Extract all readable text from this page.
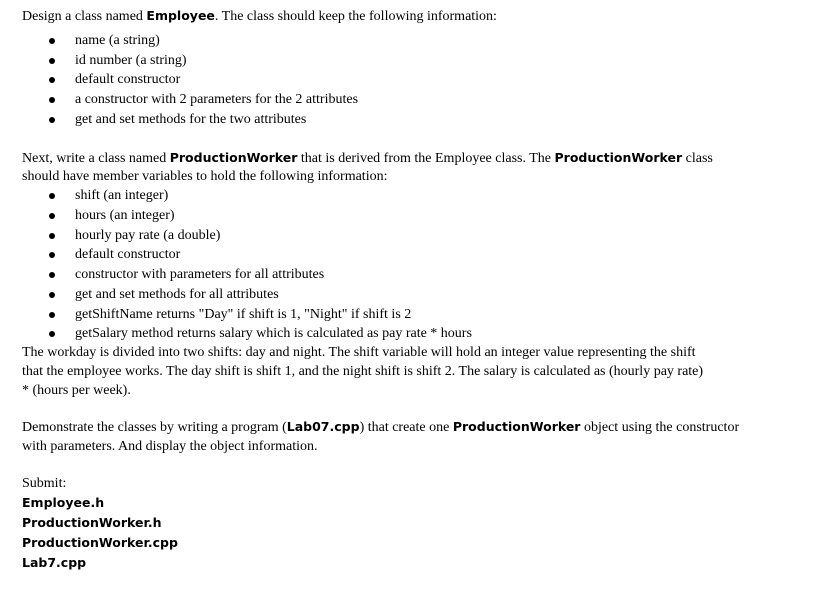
Design a class named Employee. The class should keep the following information:
name (a string)
id number (a string)
default constructor
a constructor with 2 parameters for the 2 attributes
get and set methods for the two attributes
Next, write a class named ProductionWorker that is derived from the Employee class. The ProductionWorker class
should have member variables to hold the following information:
shift (an integer)
hours (an integer)
hourly pay rate (a double)
default constructor
constructor with parameters for all attributes
get and set methods for all attributes
getShiftName returns "Day" if shift is 1, "Night" if shift is 2
getSalary method returns salary which is calculated as pay rate * hours
The workday is divided into two shifts: day and night. The shift variable will hold an integer value representing the shift
that the employee works. The day shift is shift 1, and the night shift is shift 2. The salary is calculated as (hourly pay rate)
* (hours per week).
Demonstrate the classes by writing a program (Lab07.cpp) that create one ProductionWorker object using the constructor
with parameters. And display the object information.
Submit:
Employee.h
ProductionWorker.h
ProductionWorker.cpp
Lab7.cpp
